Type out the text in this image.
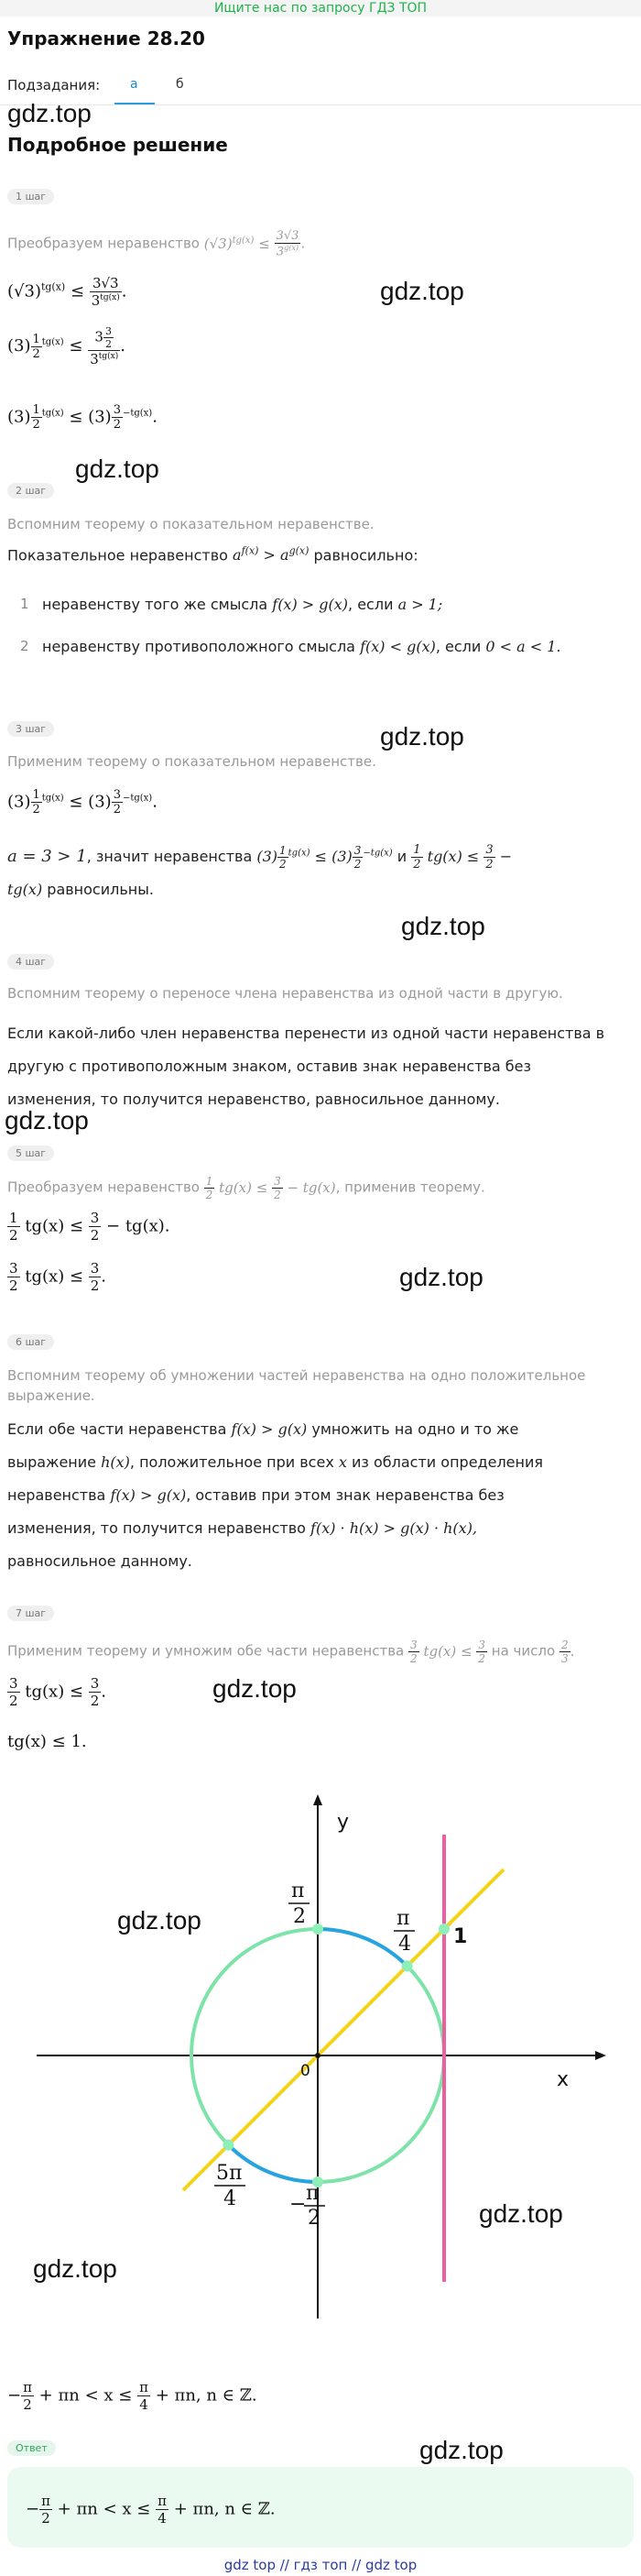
Ищите нас по запросу ГДЗ ТОП
Упражнение 28.20
Подзадания: а	б
gdz.top
Подробное решение
1 шаг
Преобразуем неравенство $(√3)^{tg(x)} \le \frac{3√3}{3^{g(x)}}$ .
$(√3)^{tg(x)} \le \frac{3√3}{3^{tg(x)}}$ .
$(3) \frac{1}{2} ^{tg(x)} \le \frac{3 \frac{3}{2}}{3^{tg(x)}}$ .
$(3) \frac{1}{2} ^{tg(x)} \le (3) \frac{3}{2} ^{-tg(x)}$.
gdz.top
gdz.top
2 шаг
Вспомним теорему о показательном неравенстве.
Показательное неравенство $a^{f(x)} > a^{g(x)}$ равносильно:
1 неравенству того же смысла f(x) > g(x), если a > 1;
2 неравенству противоположного смысла f(x) < g(x), если 0 < a < 1.
3 шаг	gdz.top
Применим теорему о показательном неравенстве.
$(3) \frac{1}{2} ^{tg(x)} \le (3) \frac{3}{2} ^{-tg(x)}$.
a = 3 > 1, значит неравенства $(3) \frac{1}{2} ^{tg(x)} \le (3) \frac{3}{2} ^{-tg(x)}$ и $\frac{1}{2} tg(x) \le \frac{3}{2}$ −
tg(x) равносильны.
gdz.top
4 шаг
Вспомним теорему о переносе члена неравенства из одной части в другую.
Если какой-либо член неравенства перенести из одной части неравенства в
другую с противоположным знаком, оставив знак неравенства без
изменения, то получится неравенство, равносильное данному.
gdz.top
5 шаг
Преобразуем неравенство $\frac{1}{2} tg(x) \le \frac{3}{2} - tg(x)$, применив теорему.
$\frac{1}{2} tg(x) \le \frac{3}{2} - tg(x)$.
$\frac{3}{2} tg(x) \le \frac{3}{2}$ .	gdz.top
6 шаг
Вспомним теорему об умножении частей неравенства на одно положительное
выражение.
Если обе части неравенства f(x) > g(x) умножить на одно и то же
выражение h(x), положительное при всех x из области определения
неравенства f(x) > g(x), оставив при этом знак неравенства без
изменения, то получится неравенство f(x) · h(x) > g(x) · h(x),
равносильное данному.
7 шаг
Применим теорему и умножим обе части неравенства $\frac{3}{2} tg(x) \le \frac{3}{2}$ на число $\frac{2}{3}$ .
$\frac{3}{2} tg(x) \le \frac{3}{2}$ .	gdz.top
tg(x) ≤ 1.
y
x
0
π
2	π
4
5π
4	− π
2
1
gdz.top
gdz.top
gdz.top
− $\frac{\pi}{2} + \pi n < x \le \frac{\pi}{4} + \pi n$, n ∈ ℤ.
Ответ	gdz.top
− $\frac{\pi}{2} + \pi n < x \le \frac{\pi}{4} + \pi n$, n ∈ ℤ.
gdz top // гдз топ // gdz top
